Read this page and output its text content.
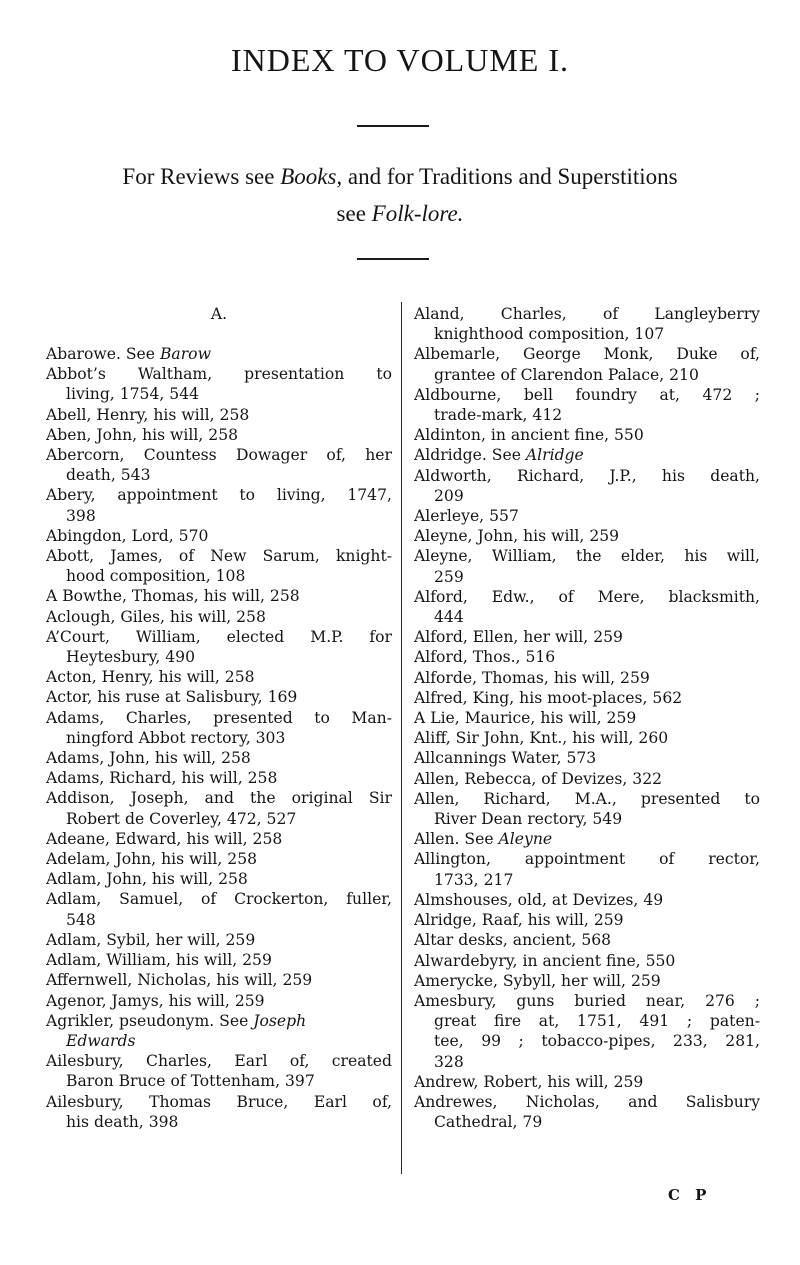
INDEX TO VOLUME I.
For Reviews see Books, and for Traditions and Superstitions
see Folk-lore.
A.
Abarowe. See Barow
Abbot’s Waltham, presentation to
living, 1754, 544
Abell, Henry, his will, 258
Aben, John, his will, 258
Abercorn, Countess Dowager of, her
death, 543
Abery, appointment to living, 1747,
398
Abingdon, Lord, 570
Abott, James, of New Sarum, knight-
hood composition, 108
A Bowthe, Thomas, his will, 258
Aclough, Giles, his will, 258
A’Court, William, elected M.P. for
Heytesbury, 490
Acton, Henry, his will, 258
Actor, his ruse at Salisbury, 169
Adams, Charles, presented to Man-
ningford Abbot rectory, 303
Adams, John, his will, 258
Adams, Richard, his will, 258
Addison, Joseph, and the original Sir
Robert de Coverley, 472, 527
Adeane, Edward, his will, 258
Adelam, John, his will, 258
Adlam, John, his will, 258
Adlam, Samuel, of Crockerton, fuller,
548
Adlam, Sybil, her will, 259
Adlam, William, his will, 259
Affernwell, Nicholas, his will, 259
Agenor, Jamys, his will, 259
Agrikler, pseudonym. See Joseph
Edwards
Ailesbury, Charles, Earl of, created
Baron Bruce of Tottenham, 397
Ailesbury, Thomas Bruce, Earl of,
his death, 398
Aland, Charles, of Langleyberry
knighthood composition, 107
Albemarle, George Monk, Duke of,
grantee of Clarendon Palace, 210
Aldbourne, bell foundry at, 472 ;
trade-mark, 412
Aldinton, in ancient fine, 550
Aldridge. See Alridge
Aldworth, Richard, J.P., his death,
209
Alerleye, 557
Aleyne, John, his will, 259
Aleyne, William, the elder, his will,
259
Alford, Edw., of Mere, blacksmith,
444
Alford, Ellen, her will, 259
Alford, Thos., 516
Alforde, Thomas, his will, 259
Alfred, King, his moot-places, 562
A Lie, Maurice, his will, 259
Aliff, Sir John, Knt., his will, 260
Allcannings Water, 573
Allen, Rebecca, of Devizes, 322
Allen, Richard, M.A., presented to
River Dean rectory, 549
Allen. See Aleyne
Allington, appointment of rector,
1733, 217
Almshouses, old, at Devizes, 49
Alridge, Raaf, his will, 259
Altar desks, ancient, 568
Alwardebyry, in ancient fine, 550
Amerycke, Sybyll, her will, 259
Amesbury, guns buried near, 276 ;
great fire at, 1751, 491 ; paten-
tee, 99 ; tobacco-pipes, 233, 281,
328
Andrew, Robert, his will, 259
Andrewes, Nicholas, and Salisbury
Cathedral, 79
C P
